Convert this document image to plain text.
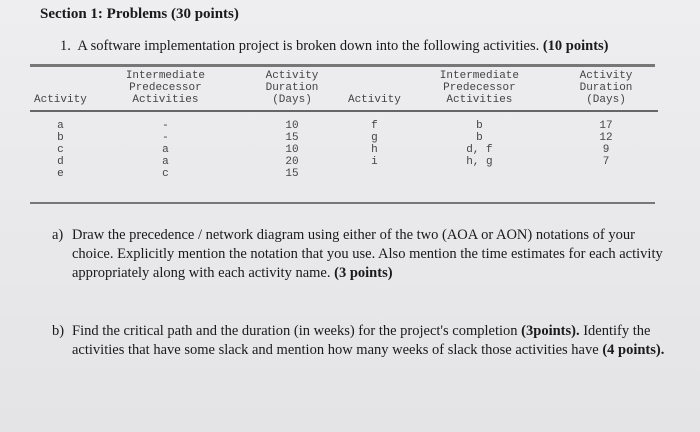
Section 1: Problems (30 points)
1. A software implementation project is broken down into the following activities. (10 points)
Activity	Intermediate Predecessor Activities	Activity Duration (Days)	Activity	Intermediate Predecessor Activities	Activity Duration (Days)
a	-	10	f	b	17
b	-	15	g	b	12
c	a	10	h	d, f	9
d	a	20	i	h, g	7
e	c	15			
a) Draw the precedence / network diagram using either of the two (AOA or AON) notations of your choice. Explicitly mention the notation that you use. Also mention the time estimates for each activity appropriately along with each activity name. (3 points)
b) Find the critical path and the duration (in weeks) for the project's completion (3points). Identify the activities that have some slack and mention how many weeks of slack those activities have (4 points).
